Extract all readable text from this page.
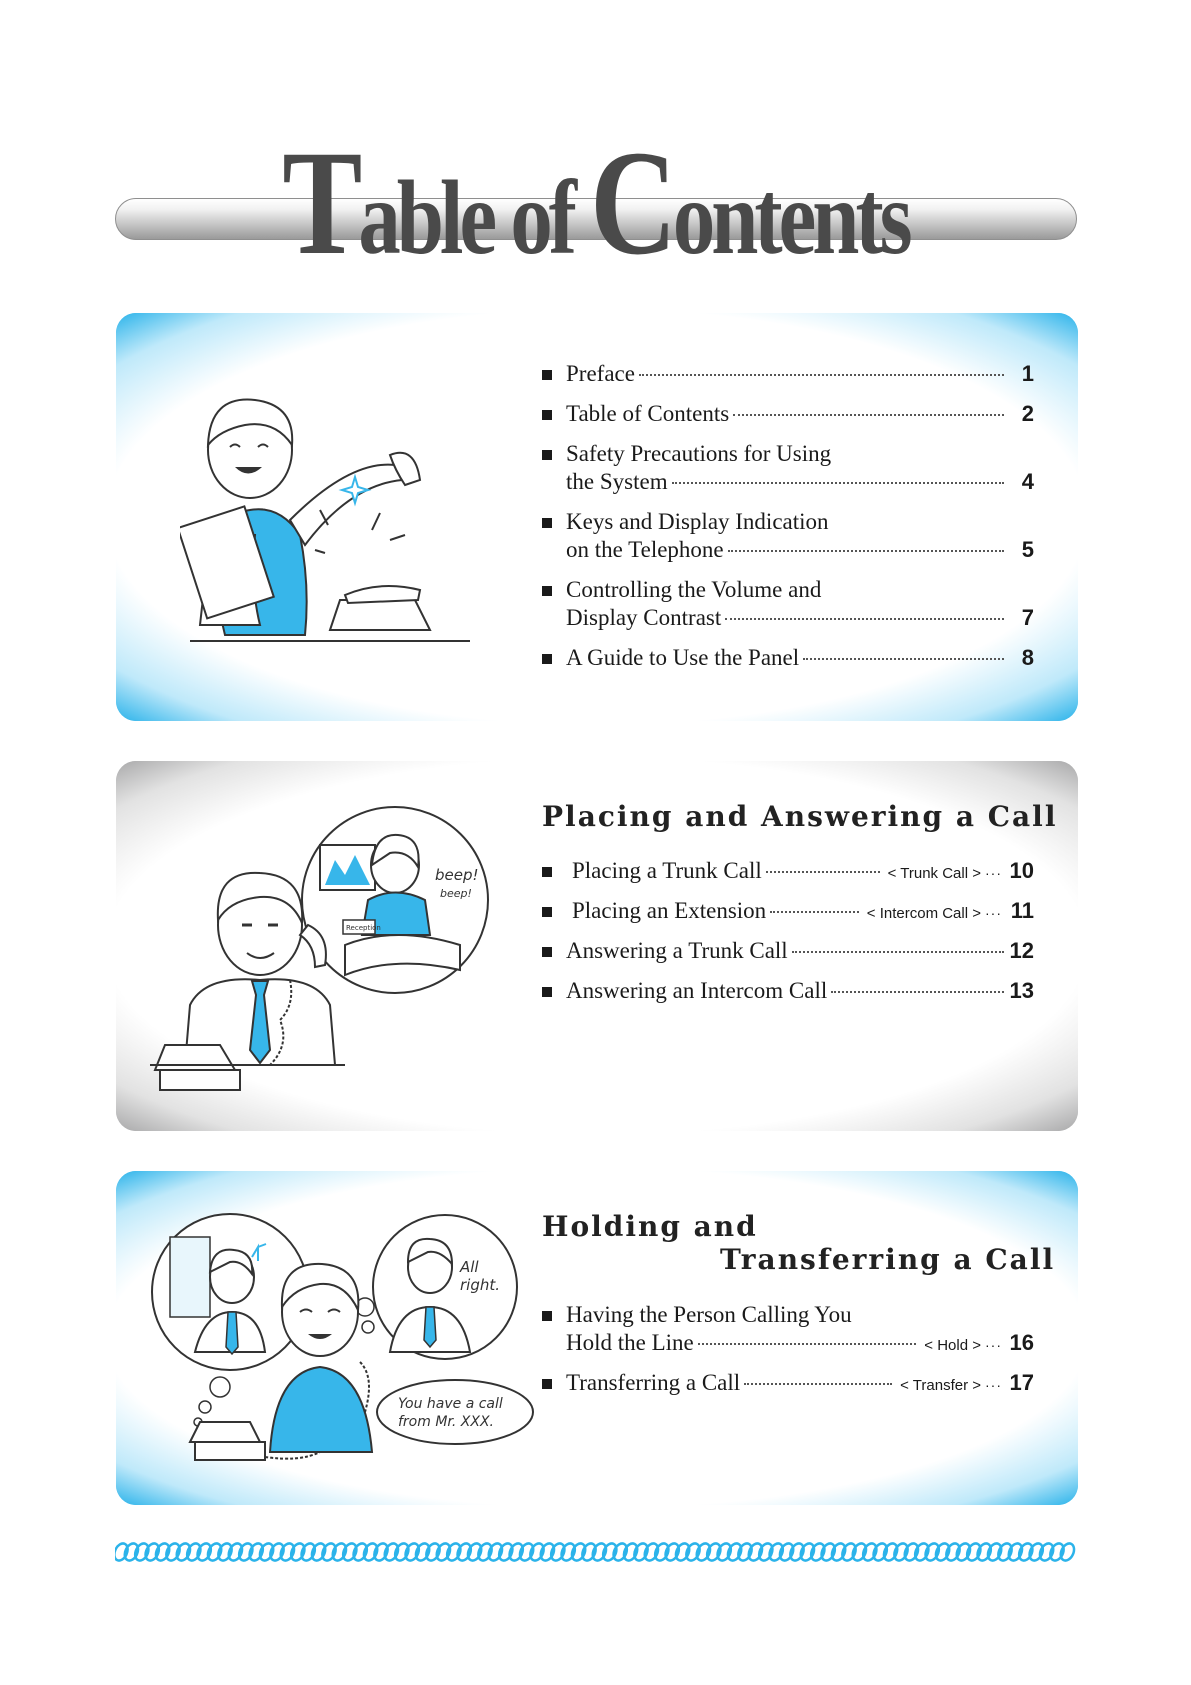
Table of Contents
Preface	1
Table of Contents	2
Safety Precautions for Using
the System	4
Keys and Display Indication
on the Telephone	5
Controlling the Volume and
Display Contrast	7
A Guide to Use the Panel	8
Reception
beep!
beep!
Placing and Answering a Call
Placing a Trunk Call	< Trunk Call > ··· 10
Placing an Extension	< Intercom Call > ··· 11
Answering a Trunk Call	12
Answering an Intercom Call	13
All
right.
You have a call
from Mr. XXX.
Holding and
Transferring a Call
Having the Person Calling You
Hold the Line	< Hold > ··· 16
Transferring a Call	< Transfer > ··· 17
